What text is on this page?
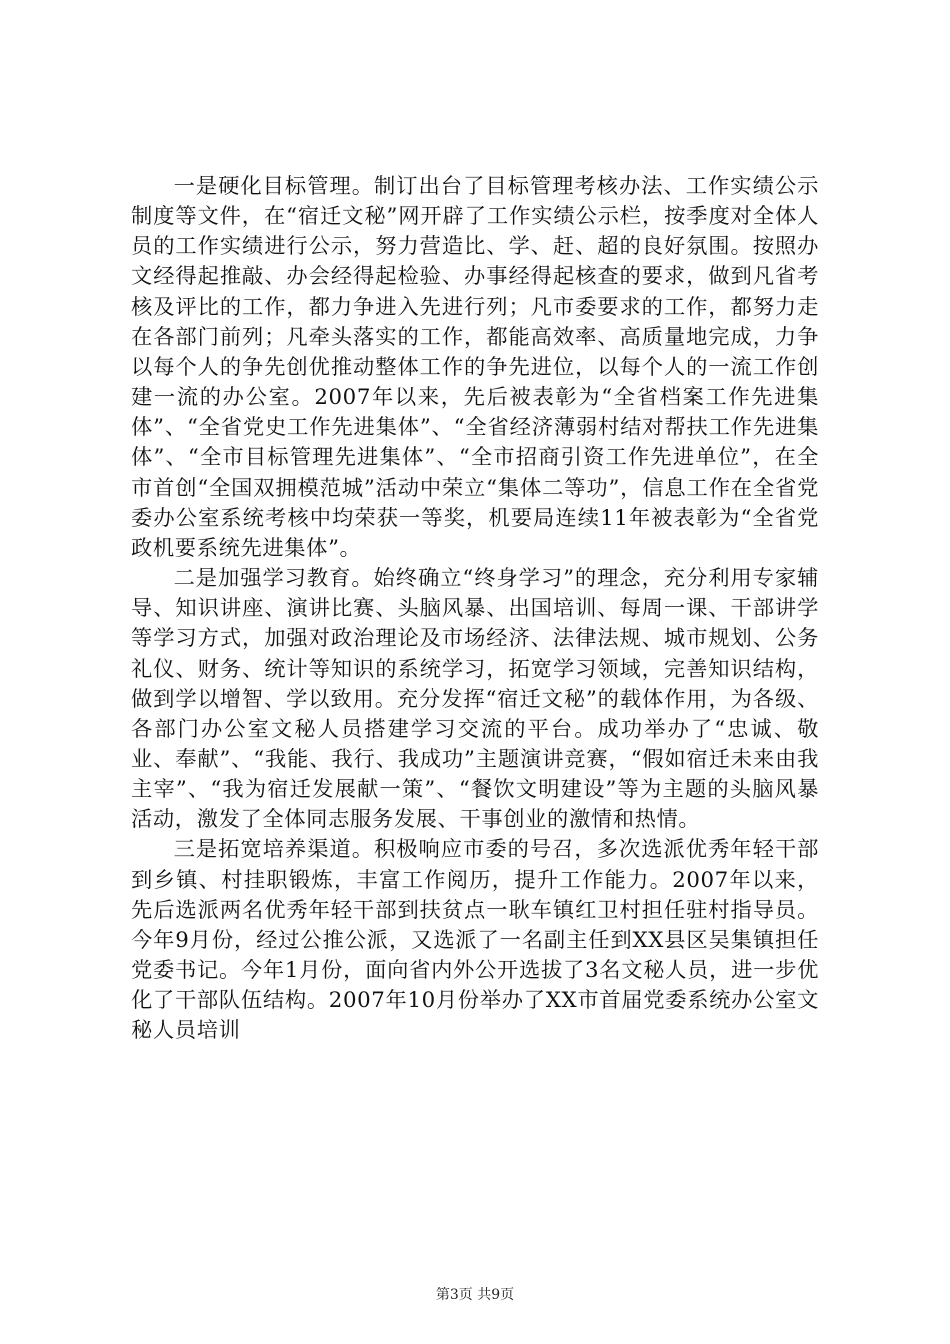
一是硬化目标管理。制订出台了目标管理考核办法、工作实绩公示制度等文件，在“宿迁文秘”网开辟了工作实绩公示栏，按季度对全体人员的工作实绩进行公示，努力营造比、学、赶、超的良好氛围。按照办文经得起推敲、办会经得起检验、办事经得起核查的要求，做到凡省考核及评比的工作，都力争进入先进行列；凡市委要求的工作，都努力走在各部门前列；凡牵头落实的工作，都能高效率、高质量地完成，力争以每个人的争先创优推动整体工作的争先进位，以每个人的一流工作创建一流的办公室。2007年以来，先后被表彰为“全省档案工作先进集体”、“全省党史工作先进集体”、“全省经济薄弱村结对帮扶工作先进集体”、“全市目标管理先进集体”、“全市招商引资工作先进单位”，在全市首创“全国双拥模范城”活动中荣立“集体二等功”，信息工作在全省党委办公室系统考核中均荣获一等奖，机要局连续11年被表彰为“全省党政机要系统先进集体”。

二是加强学习教育。始终确立“终身学习”的理念，充分利用专家辅导、知识讲座、演讲比赛、头脑风暴、出国培训、每周一课、干部讲学等学习方式，加强对政治理论及市场经济、法律法规、城市规划、公务礼仪、财务、统计等知识的系统学习，拓宽学习领域，完善知识结构，做到学以增智、学以致用。充分发挥“宿迁文秘”的载体作用，为各级、各部门办公室文秘人员搭建学习交流的平台。成功举办了“忠诚、敬业、奉献”、“我能、我行、我成功”主题演讲竞赛，“假如宿迁未来由我主宰”、“我为宿迁发展献一策”、“餐饮文明建设”等为主题的头脑风暴活动，激发了全体同志服务发展、干事创业的激情和热情。

三是拓宽培养渠道。积极响应市委的号召，多次选派优秀年轻干部到乡镇、村挂职锻炼，丰富工作阅历，提升工作能力。2007年以来，先后选派两名优秀年轻干部到扶贫点一耿车镇红卫村担任驻村指导员。今年9月份，经过公推公派，又选派了一名副主任到XX县区吴集镇担任党委书记。今年1月份，面向省内外公开选拔了3名文秘人员，进一步优化了干部队伍结构。2007年10月份举办了XX市首届党委系统办公室文秘人员培训

第3页 共9页
